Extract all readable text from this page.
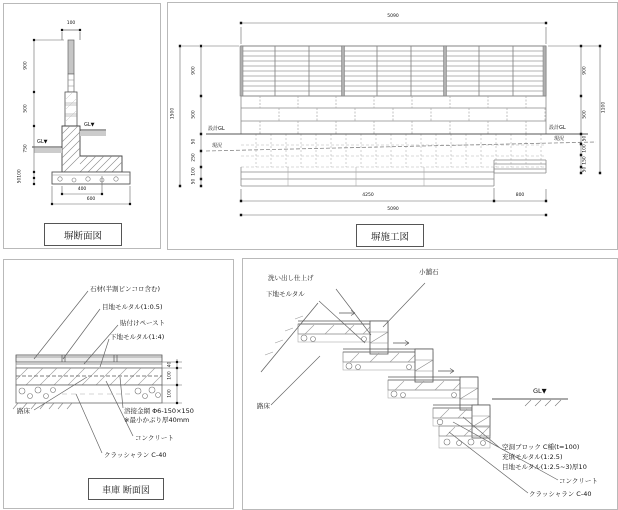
100
900
500
750
100
50
GL▼
GL▼
400
600
塀断面図
5090
4250	800
5090
1500
900
500
50
250
100
50
1100
900
500
50
100
150
50
設計GL
現況
設計GL
現況
塀施工図
石材(半割ピンコロ含む)
目地モルタル(1:0.5)
貼付けペースト
下地モルタル(1:4)
溶接金網 Φ6-150×150
※最小かぶり厚40mm
コンクリート
クラッシャラン C-40
路床
40
100
100
車庫 断面図
洗い出し仕上げ
下地モルタル
小舗石
路床
GL▼
空洞ブロック C種(t=100)
充填モルタル(1:2.5)
目地モルタル(1:2.5~3)厚10
コンクリート
クラッシャラン C-40
